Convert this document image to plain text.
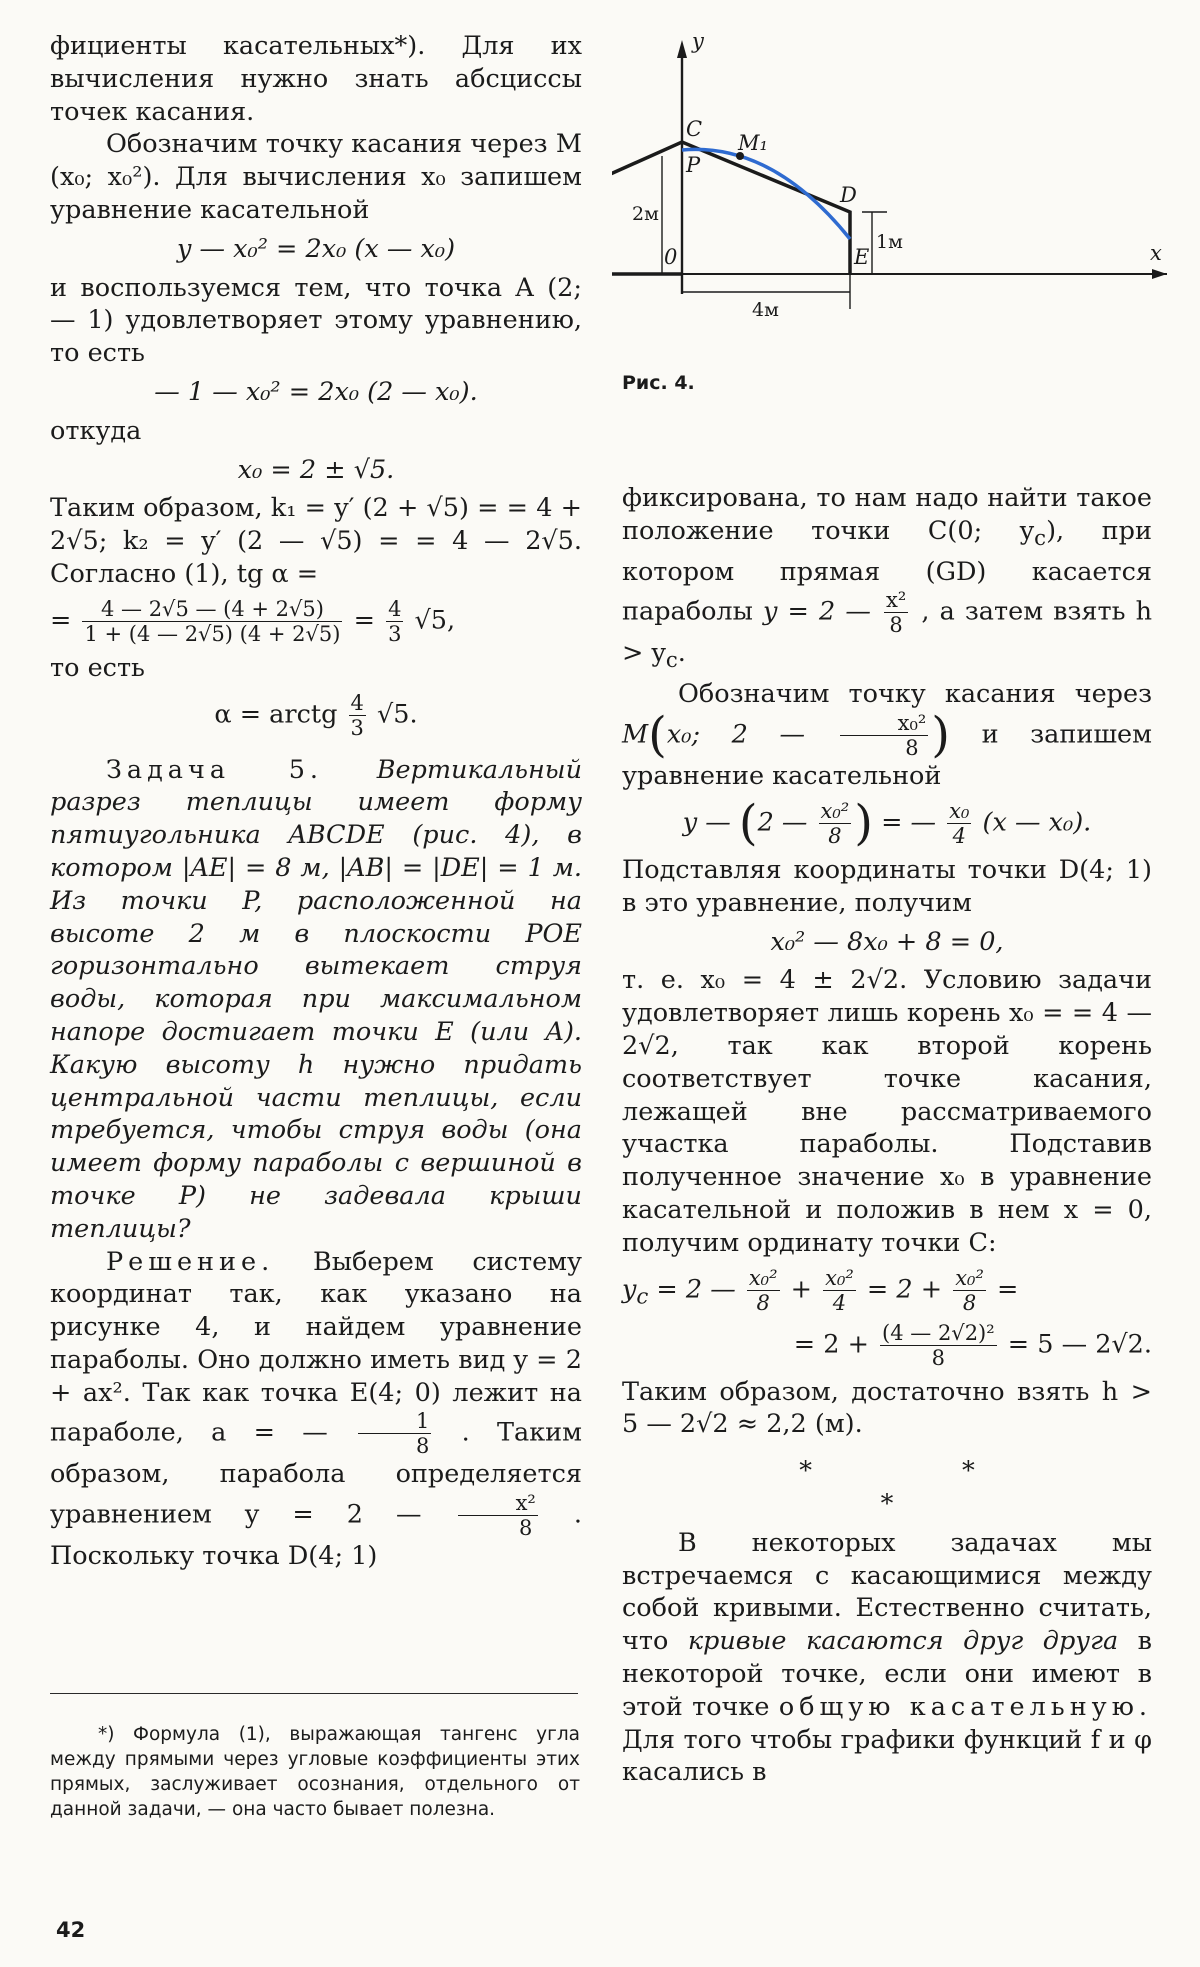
фициенты касательных*). Для их вычисления нужно знать абсциссы точек касания.

Обозначим точку касания через M (x₀; x₀²). Для вычисления x₀ запишем уравнение касательной

y — x₀² = 2x₀ (x — x₀)

и воспользуемся тем, что точка A (2; — 1) удовлетворяет этому уравнению, то есть

— 1 — x₀² = 2x₀ (2 — x₀).

откуда

x₀ = 2 ± √5.

Таким образом, k₁ = y′ (2 + √5) = = 4 + 2√5; k₂ = y′ (2 — √5) = = 4 — 2√5. Согласно (1), tg α =

= $\frac{4 — 2√5 — (4 + 2√5)}{1 + (4 — 2√5) (4 + 2√5)} = \frac{4}{3} √5$,

то есть

α = arctg $\frac{4}{3} √5$.

Задача 5. Вертикальный разрез теплицы имеет форму пятиугольника ABCDE (рис. 4), в котором |AE| = 8 м, |AB| = |DE| = 1 м. Из точки P, расположенной на высоте 2 м в плоскости POE горизонтально вытекает струя воды, которая при максимальном напоре достигает точки E (или A). Какую высоту h нужно придать центральной части теплицы, если требуется, чтобы струя воды (она имеет форму параболы с вершиной в точке P) не задевала крыши теплицы?

Решение. Выберем систему координат так, как указано на рисунке 4, и найдем уравнение параболы. Оно должно иметь вид y = 2 + ax². Так как точка E(4; 0) лежит на параболе, a = — $\frac{1}{8}$ . Таким образом, парабола определяется уравнением y = 2 — $\frac{\text{x²}}{8}$ . Поскольку точка D(4; 1)

y
x
C
P
M₁
D
E
0
2м
1м
4м
Рис. 4.

фиксирована, то нам надо найти такое положение точки C(0; $y_c$), при котором прямая (GD) касается параболы y = 2 — $\frac{\text{x²}}{8}$ , а затем взять $h > y_c$.

Обозначим точку касания через M(x₀; 2 — $\frac{\text{x₀²}}{8}$ ) и запишем уравнение касательной

y — (2 — $\frac{\text{x₀²}}{8}$ ) = — $\frac{\text{x₀}}{4} (x$ — x₀).

Подставляя координаты точки D(4; 1) в это уравнение, получим

x₀² — 8x₀ + 8 = 0,

т. е. x₀ = 4 ± 2√2. Условию задачи удовлетворяет лишь корень x₀ = = 4 — 2√2, так как второй корень соответствует точке касания, лежащей вне рассматриваемого участка параболы. Подставив полученное значение x₀ в уравнение касательной и положив в нем x = 0, получим ординату точки C:

$y_c = 2$ — $\frac{\text{x₀²}}{8} + \frac{\text{x₀²}}{4} = 2 + \frac{\text{x₀²}}{8}$ =
= $2 + \frac{\text{(4 — 2√2)²}}{8} = 5$ — 2√2.

Таким образом, достаточно взять h > 5 — 2√2 ≈ 2,2 (м).

*	*
*

В некоторых задачах мы встречаемся с касающимися между собой кривыми. Естественно считать, что кривые касаются друг друга в некоторой точке, если они имеют в этой точке общую касательную. Для того чтобы графики функций f и φ касались в

*) Формула (1), выражающая тангенс угла между прямыми через угловые коэффициенты этих прямых, заслуживает осознания, отдельного от данной задачи, — она часто бывает полезна.

42
